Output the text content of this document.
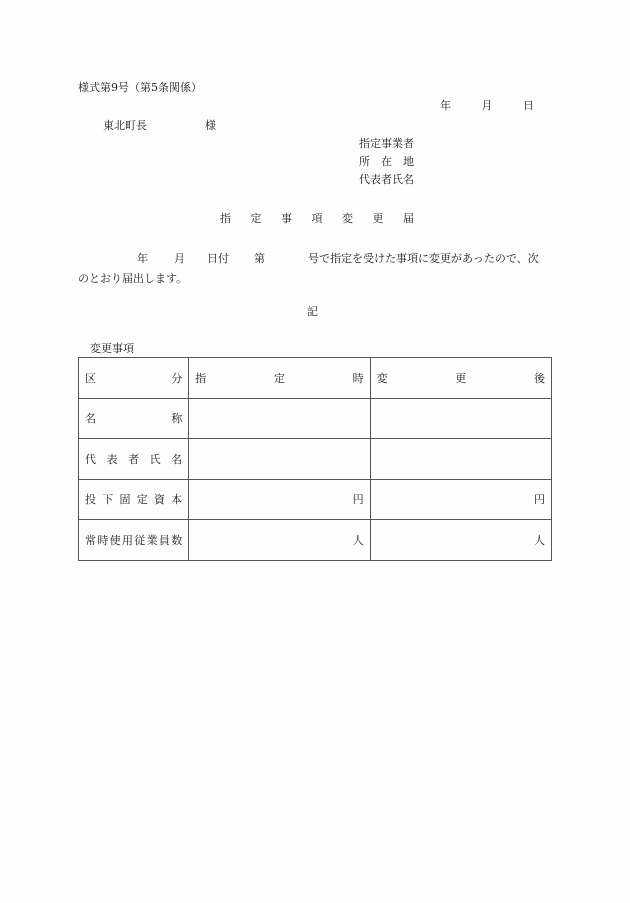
様式第9号（第5条関係）
年	月	日
東北町長	様
指定事業者
所　在　地
代表者氏名
指 定 事 項 変 更 届
年	月	日付	第	号で指定を受けた事項に変更があったので、次
のとおり届出します。
記
変更事項
区 分	指 定 時	変 更 後

名 称		

代 表 者 氏 名		

投 下 固 定 資 本	円	円

常 時 使 用 従 業 員 数	人	人
